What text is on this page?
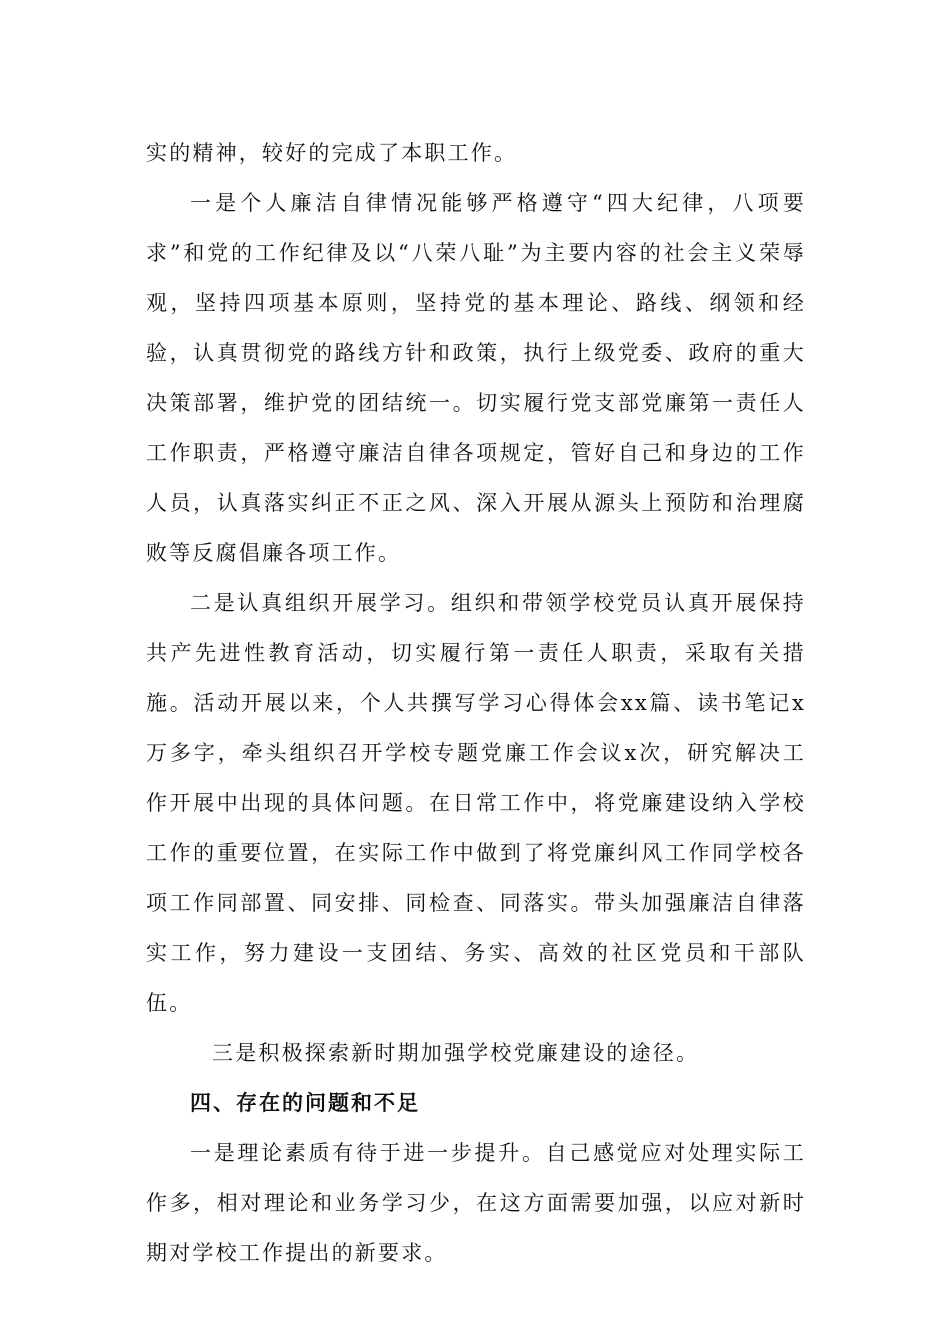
实的精神，较好的完成了本职工作。

一是个人廉洁自律情况能够严格遵守“四大纪律，八项要求”和党的工作纪律及以“八荣八耻”为主要内容的社会主义荣辱观，坚持四项基本原则，坚持党的基本理论、路线、纲领和经验，认真贯彻党的路线方针和政策，执行上级党委、政府的重大决策部署，维护党的团结统一。切实履行党支部党廉第一责任人工作职责，严格遵守廉洁自律各项规定，管好自己和身边的工作人员，认真落实纠正不正之风、深入开展从源头上预防和治理腐败等反腐倡廉各项工作。

二是认真组织开展学习。组织和带领学校党员认真开展保持共产先进性教育活动，切实履行第一责任人职责，采取有关措施。活动开展以来，个人共撰写学习心得体会xx篇、读书笔记x万多字，牵头组织召开学校专题党廉工作会议x次，研究解决工作开展中出现的具体问题。在日常工作中，将党廉建设纳入学校工作的重要位置，在实际工作中做到了将党廉纠风工作同学校各项工作同部置、同安排、同检查、同落实。带头加强廉洁自律落实工作，努力建设一支团结、务实、高效的社区党员和干部队伍。

三是积极探索新时期加强学校党廉建设的途径。

四、存在的问题和不足

一是理论素质有待于进一步提升。自己感觉应对处理实际工作多，相对理论和业务学习少，在这方面需要加强，以应对新时期对学校工作提出的新要求。
